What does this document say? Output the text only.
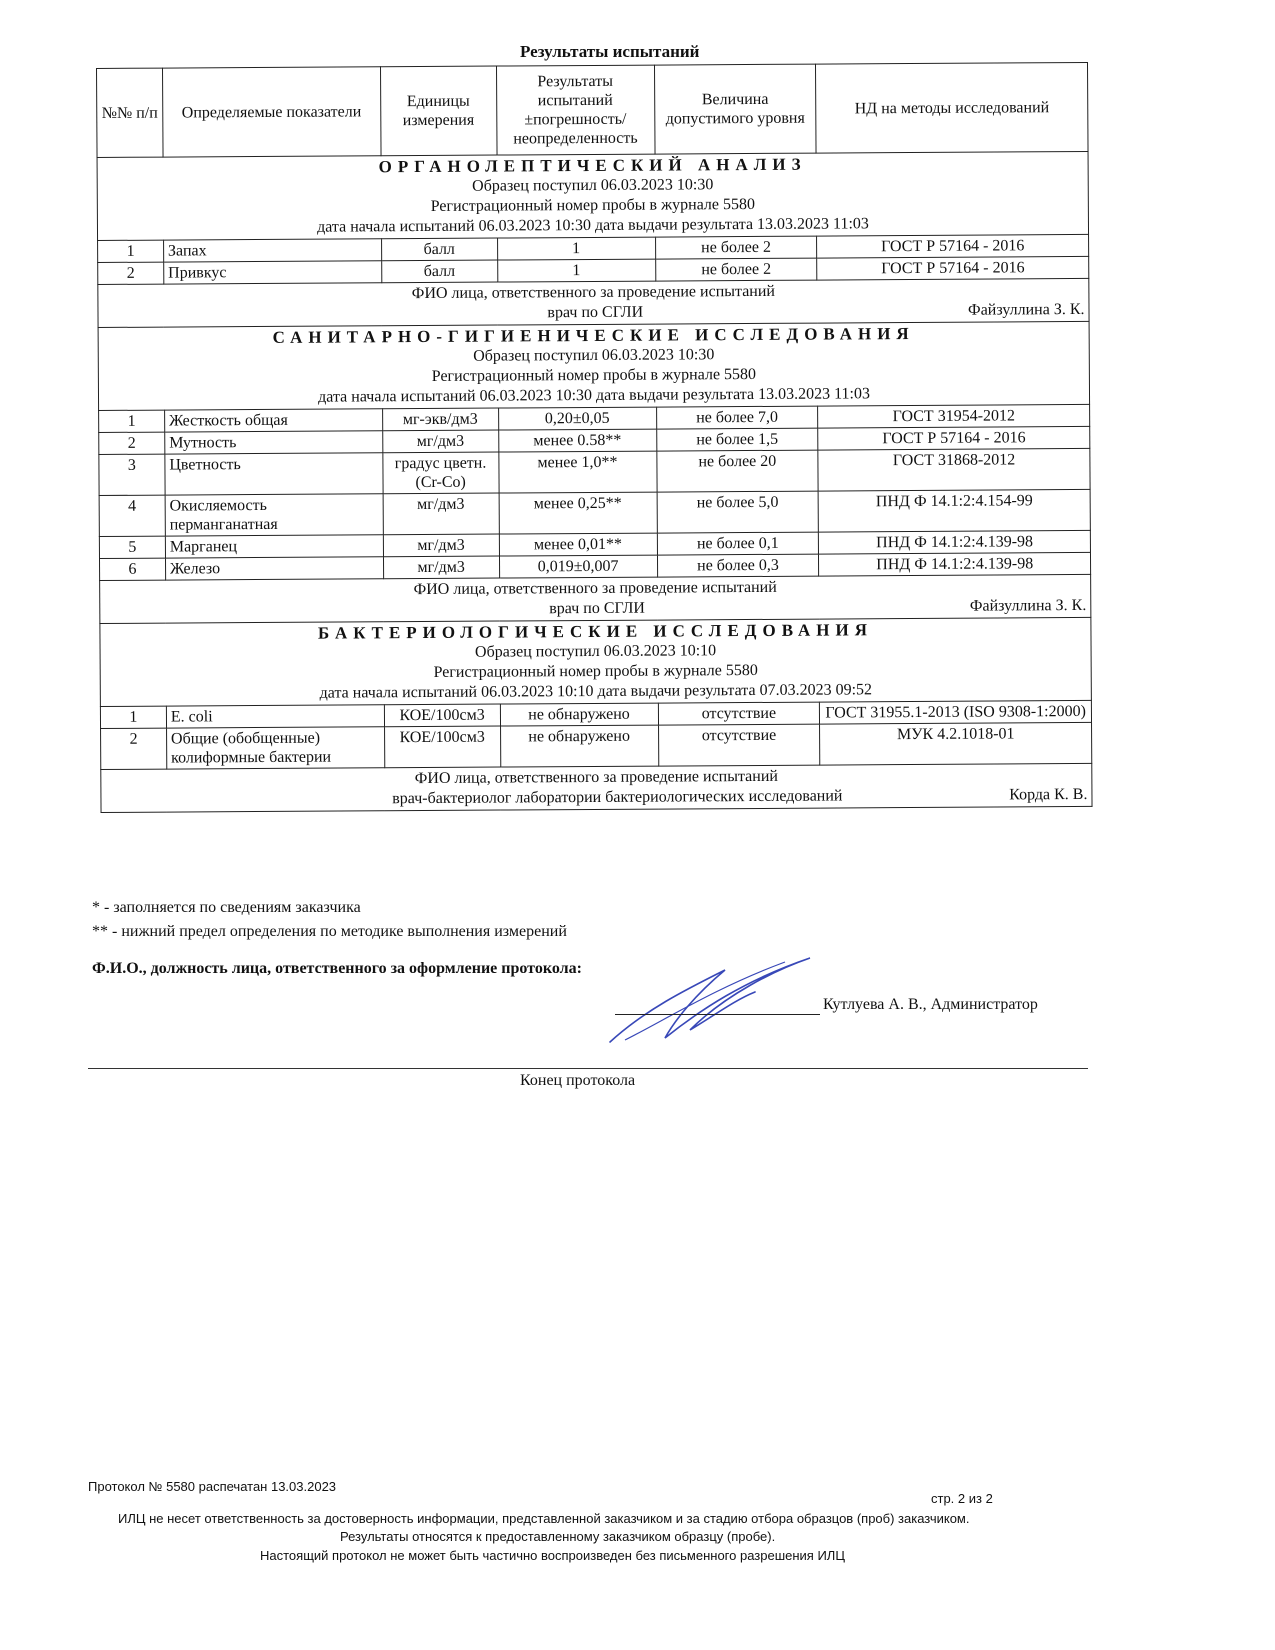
Результаты испытаний
№№ п/п	Определяемые показатели	Единицы измерения	Результаты испытаний ±погрешность/ неопределенность	Величина допустимого уровня	НД на методы исследований

ОРГАНОЛЕПТИЧЕСКИЙ АНАЛИЗ
Образец поступил 06.03.2023 10:30
Регистрационный номер пробы в журнале 5580
дата начала испытаний 06.03.2023 10:30 дата выдачи результата 13.03.2023 11:03					

1	Запах	балл	1	не более 2	ГОСТ Р 57164 - 2016
2	Привкус	балл	1	не более 2	ГОСТ Р 57164 - 2016

ФИО лица, ответственного за проведение испытаний
врач по СГЛИ Файзуллина З. К.					

САНИТАРНО-ГИГИЕНИЧЕСКИЕ ИССЛЕДОВАНИЯ
Образец поступил 06.03.2023 10:30
Регистрационный номер пробы в журнале 5580
дата начала испытаний 06.03.2023 10:30 дата выдачи результата 13.03.2023 11:03					

1	Жесткость общая	мг-экв/дм3	0,20±0,05	не более 7,0	ГОСТ 31954-2012
2	Мутность	мг/дм3	менее 0.58**	не более 1,5	ГОСТ Р 57164 - 2016
3	Цветность	градус цветн.(Cr-Co)	менее 1,0**	не более 20	ГОСТ 31868-2012
4	Окисляемость перманганатная	мг/дм3	менее 0,25**	не более 5,0	ПНД Ф 14.1:2:4.154-99
5	Марганец	мг/дм3	менее 0,01**	не более 0,1	ПНД Ф 14.1:2:4.139-98
6	Железо	мг/дм3	0,019±0,007	не более 0,3	ПНД Ф 14.1:2:4.139-98

ФИО лица, ответственного за проведение испытаний
врач по СГЛИ Файзуллина З. К.					

БАКТЕРИОЛОГИЧЕСКИЕ ИССЛЕДОВАНИЯ
Образец поступил 06.03.2023 10:10
Регистрационный номер пробы в журнале 5580
дата начала испытаний 06.03.2023 10:10 дата выдачи результата 07.03.2023 09:52					

1	E. coli	КОЕ/100см3	не обнаружено	отсутствие	ГОСТ 31955.1-2013 (ISO 9308-1:2000)
2	Общие (обобщенные) колиформные бактерии	КОЕ/100см3	не обнаружено	отсутствие	МУК 4.2.1018-01

ФИО лица, ответственного за проведение испытаний
врач-бактериолог лаборатории бактериологических исследований Корда К. В.					
* - заполняется по сведениям заказчика
** - нижний предел определения по методике выполнения измерений
Ф.И.О., должность лица, ответственного за оформление протокола:
Кутлуева А. В., Администратор
Конец протокола
Протокол № 5580 распечатан 13.03.2023
стр. 2 из 2
ИЛЦ не несет ответственность за достоверность информации, представленной заказчиком и за стадию отбора образцов (проб) заказчиком.
Результаты относятся к предоставленному заказчиком образцу (пробе).
Настоящий протокол не может быть частично воспроизведен без письменного разрешения ИЛЦ
